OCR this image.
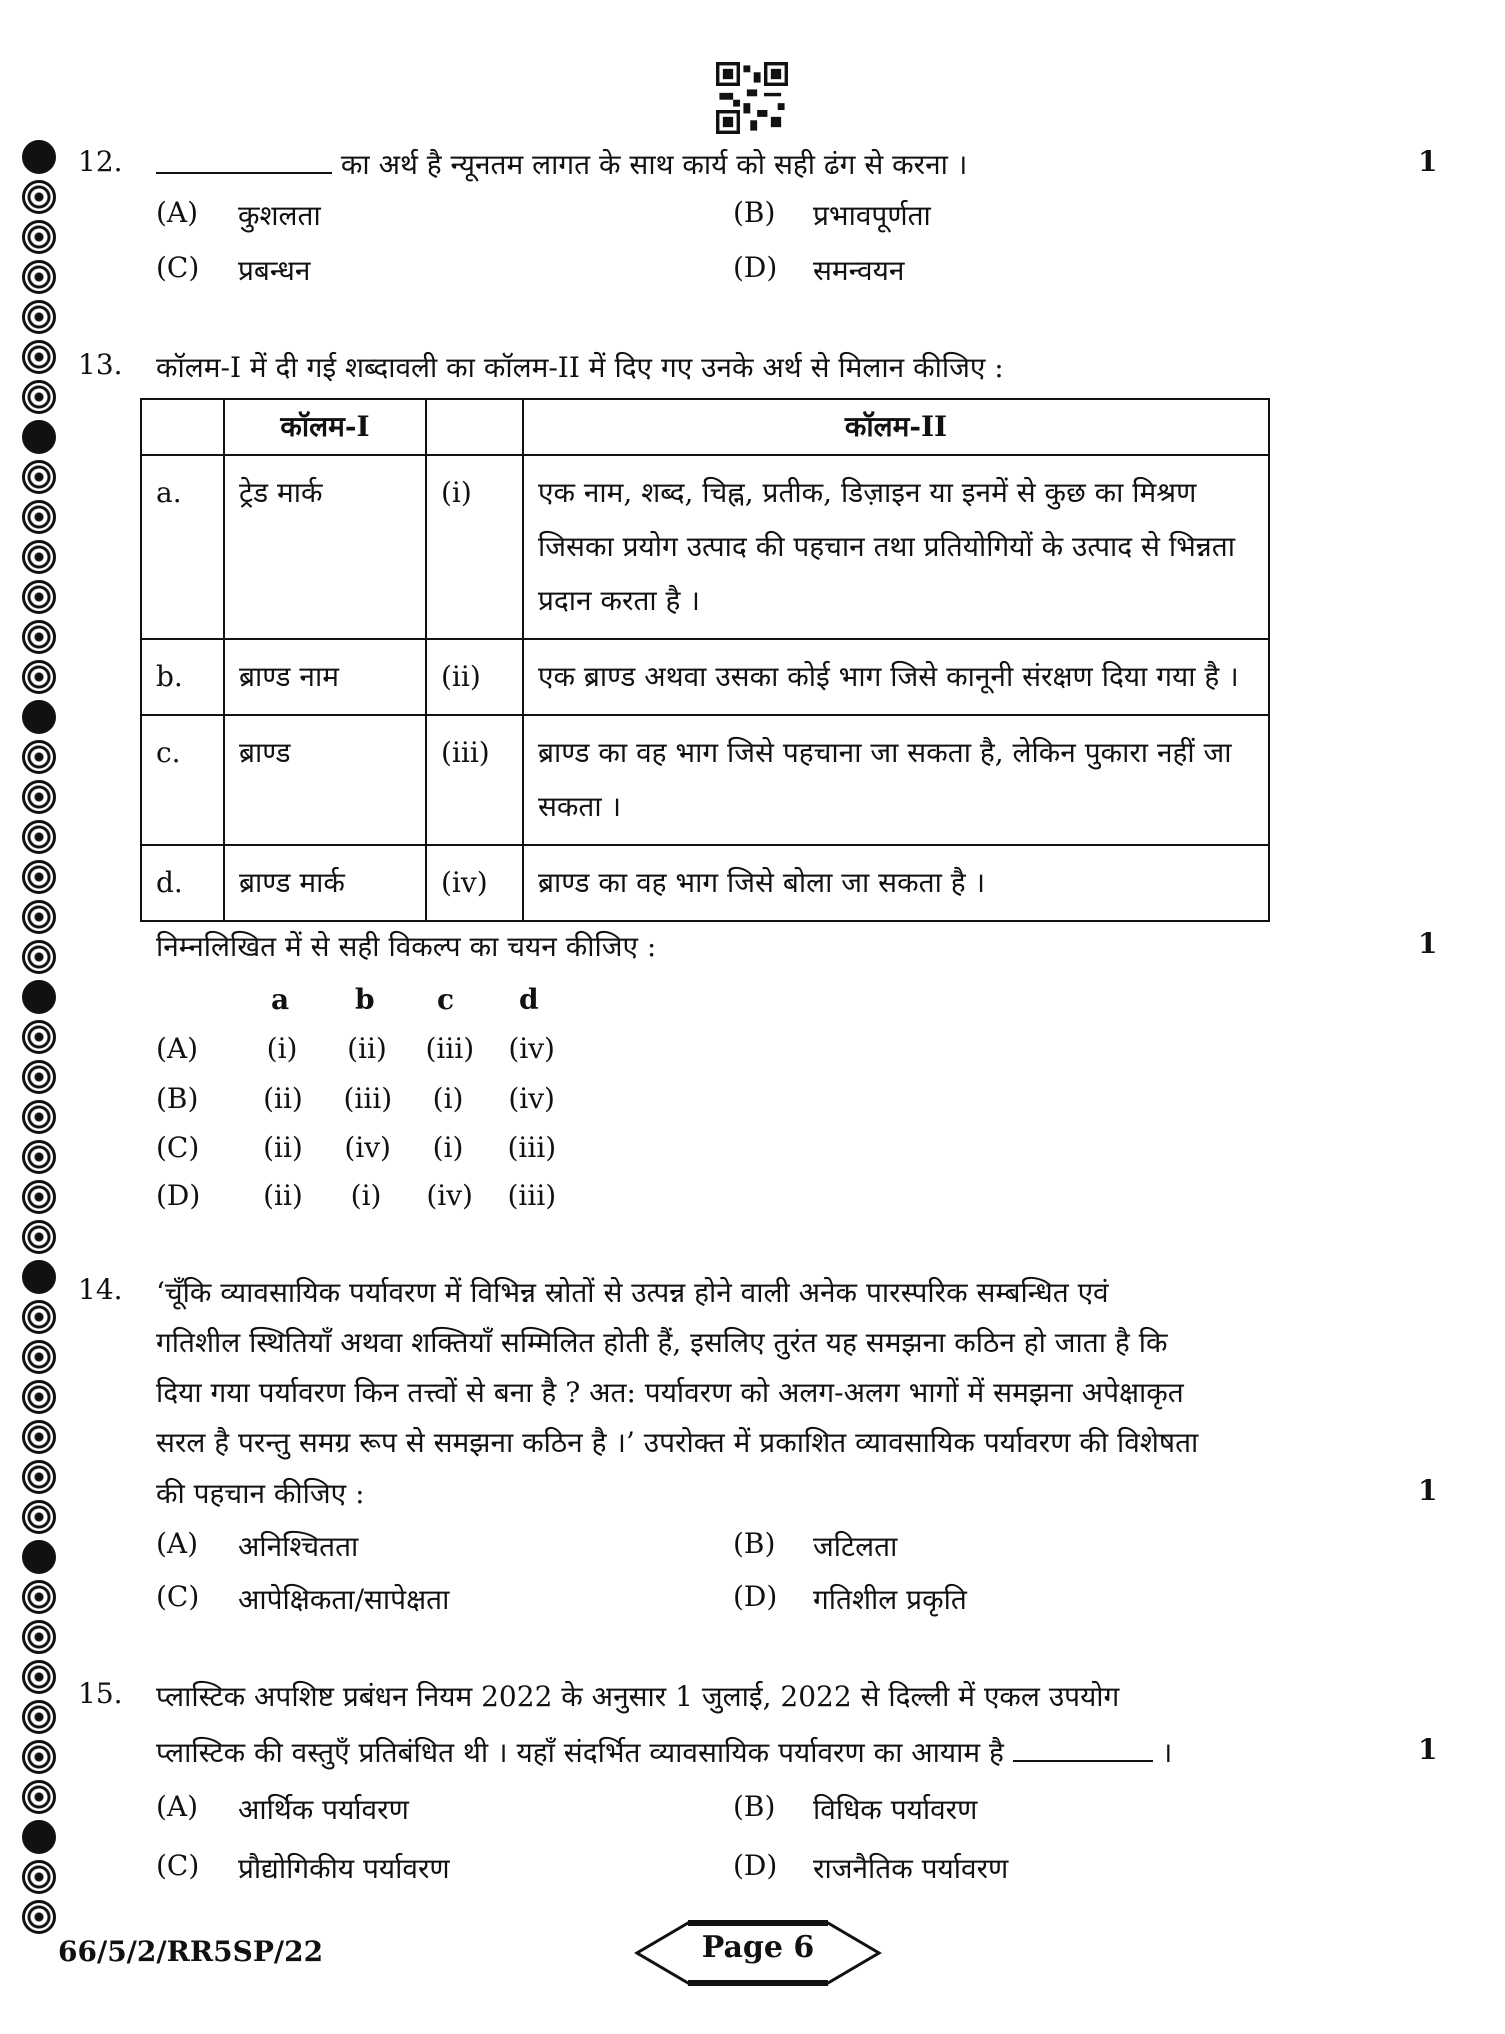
12.	का अर्थ है न्यूनतम लागत के साथ कार्य को सही ढंग से करना ।	1
(A) कुशलता	(B) प्रभावपूर्णता
(C) प्रबन्धन	(D) समन्वयन
13. कॉलम-I में दी गई शब्दावली का कॉलम-II में दिए गए उनके अर्थ से मिलान कीजिए :
	कॉलम-I		कॉलम-II
a.	ट्रेड मार्क	(i)	एक नाम, शब्द, चिह्न, प्रतीक, डिज़ाइन या इनमें से कुछ का मिश्रण जिसका प्रयोग उत्पाद की पहचान तथा प्रतियोगियों के उत्पाद से भिन्नता प्रदान करता है ।
b.	ब्राण्ड नाम	(ii)	एक ब्राण्ड अथवा उसका कोई भाग जिसे कानूनी संरक्षण दिया गया है ।
c.	ब्राण्ड	(iii)	ब्राण्ड का वह भाग जिसे पहचाना जा सकता है, लेकिन पुकारा नहीं जा सकता ।
d.	ब्राण्ड मार्क	(iv)	ब्राण्ड का वह भाग जिसे बोला जा सकता है ।
निम्नलिखित में से सही विकल्प का चयन कीजिए :	1
a b c d
(A) (i) (ii) (iii) (iv)
(B) (ii) (iii) (i) (iv)
(C) (ii) (iv) (i) (iii)
(D) (ii) (i) (iv) (iii)
14. ‘चूँकि व्यावसायिक पर्यावरण में विभिन्न स्रोतों से उत्पन्न होने वाली अनेक पारस्परिक सम्बन्धित एवं
गतिशील स्थितियाँ अथवा शक्तियाँ सम्मिलित होती हैं, इसलिए तुरंत यह समझना कठिन हो जाता है कि
दिया गया पर्यावरण किन तत्त्वों से बना है ? अत: पर्यावरण को अलग-अलग भागों में समझना अपेक्षाकृत
सरल है परन्तु समग्र रूप से समझना कठिन है ।’ उपरोक्त में प्रकाशित व्यावसायिक पर्यावरण की विशेषता
की पहचान कीजिए :	1
(A) अनिश्चितता	(B) जटिलता
(C) आपेक्षिकता/सापेक्षता	(D) गतिशील प्रकृति
15. प्लास्टिक अपशिष्ट प्रबंधन नियम 2022 के अनुसार 1 जुलाई, 2022 से दिल्ली में एकल उपयोग
प्लास्टिक की वस्तुएँ प्रतिबंधित थी । यहाँ संदर्भित व्यावसायिक पर्यावरण का आयाम है	।	1
(A) आर्थिक पर्यावरण	(B) विधिक पर्यावरण
(C) प्रौद्योगिकीय पर्यावरण	(D) राजनैतिक पर्यावरण
66/5/2/RR5SP/22	Page 6
